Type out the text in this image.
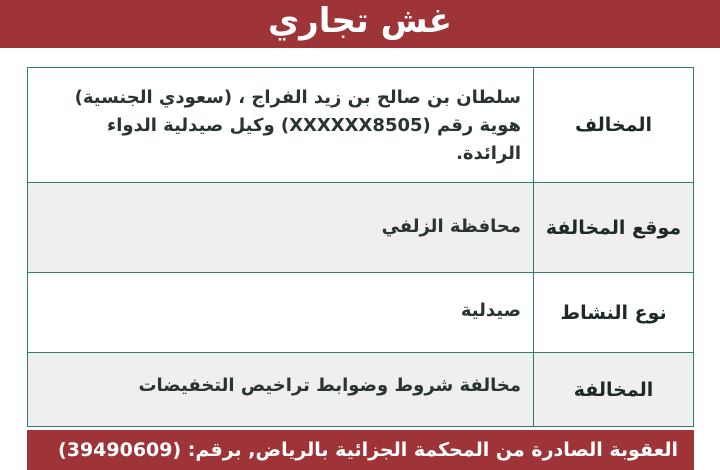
غش تجاري
المخالف	سلطان بن صالح بن زيد الفراج ، (سعودي الجنسية) هوية رقم (XXXXXX8505) وكيل صيدلية الدواء الرائدة.
موقع المخالفة	محافظة الزلفي
نوع النشاط	صيدلية
المخالفة	مخالفة شروط وضوابط تراخيص التخفيضات
العقوبة الصادرة من المحكمة الجزائية بالرياض, برقم: (39490609)
